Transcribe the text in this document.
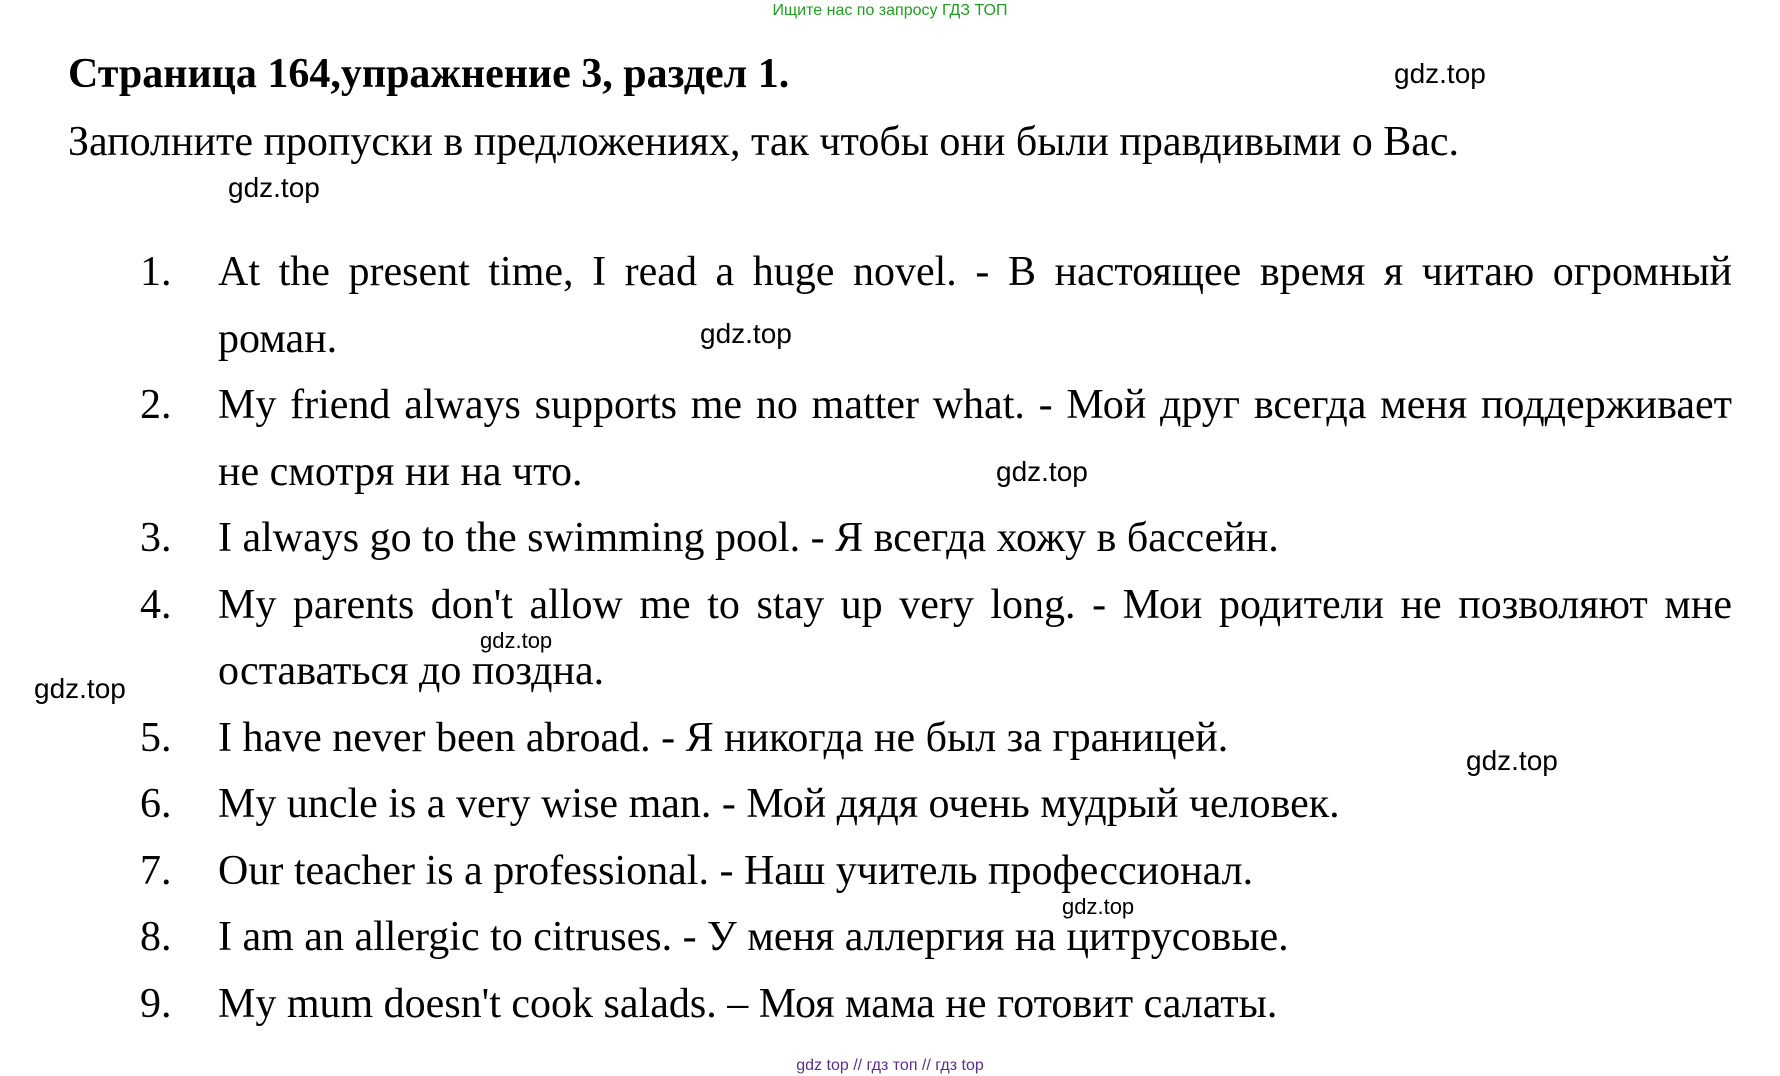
Ищите нас по запросу ГДЗ ТОП
Страница 164,упражнение 3, раздел 1.
Заполните пропуски в предложениях, так чтобы они были правдивыми о Вас.
1.	At the present time, I read a huge novel. - В настоящее время я читаю огромный роман.
2.	My friend always supports me no matter what. - Мой друг всегда меня поддерживает не смотря ни на что.
3.	I always go to the swimming pool. - Я всегда хожу в бассейн.
4.	My parents don't allow me to stay up very long. - Мои родители не позволяют мне оставаться до поздна.
5.	I have never been abroad. - Я никогда не был за границей.
6.	My uncle is a very wise man. - Мой дядя очень мудрый человек.
7.	Our teacher is a professional. - Наш учитель профессионал.
8.	I am an allergic to citruses. - У меня аллергия на цитрусовые.
9.	My mum doesn't cook salads. – Моя мама не готовит салаты.
gdz.top
gdz.top
gdz.top
gdz.top
gdz.top
gdz.top
gdz.top
gdz.top
gdz top // гдз топ // гдз top
